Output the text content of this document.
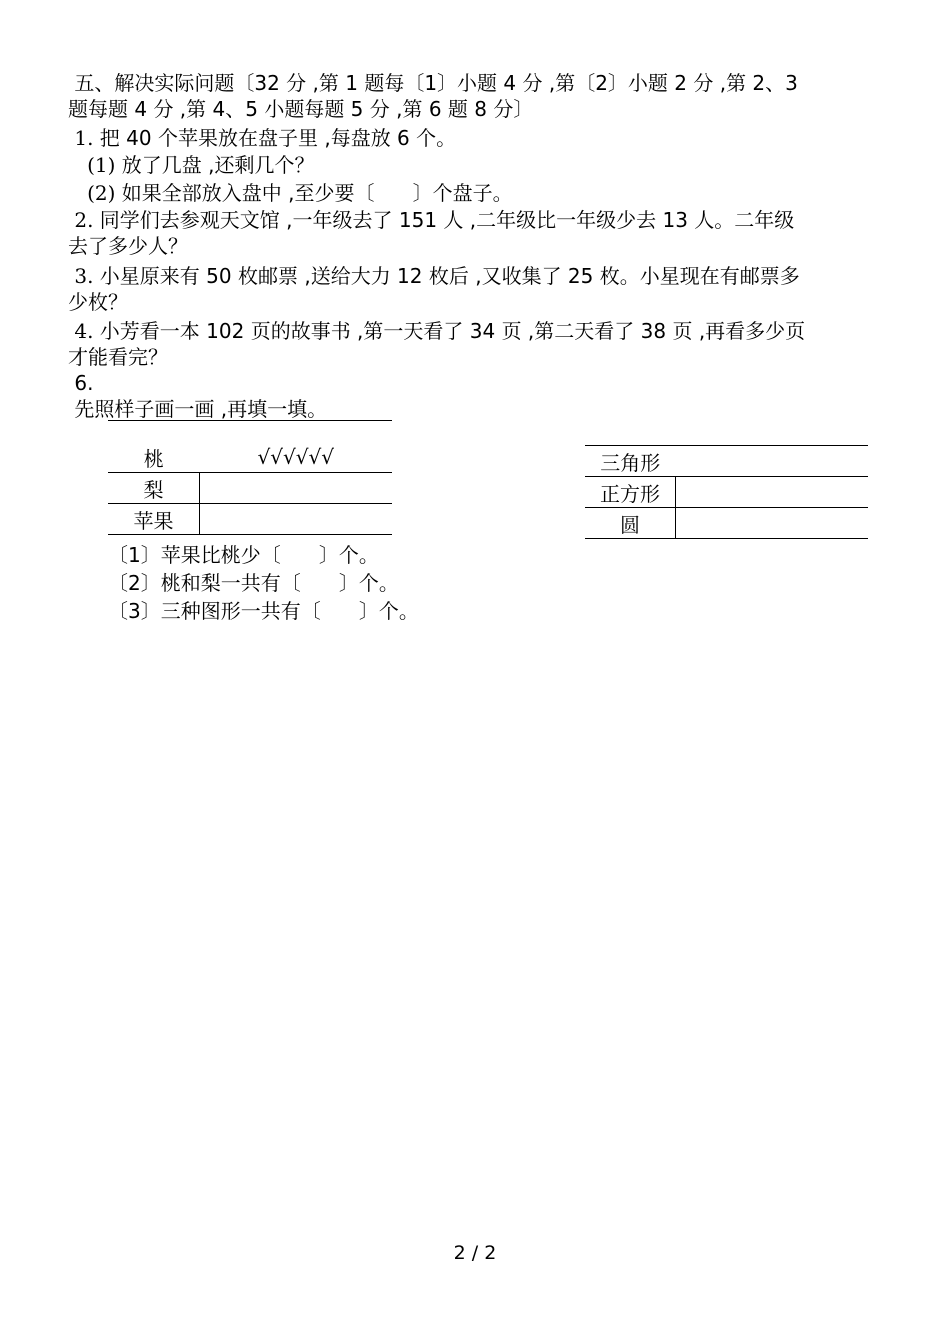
五、解决实际问题〔32 分 ,第 1 题每〔1〕小题 4 分 ,第〔2〕小题 2 分 ,第 2、3
题每题 4 分 ,第 4、5 小题每题 5 分 ,第 6 题 8 分〕
1. 把 40 个苹果放在盘子里 ,每盘放 6 个。
(1) 放了几盘 ,还剩几个？
(2) 如果全部放入盘中 ,至少要〔      〕个盘子。
2. 同学们去参观天文馆 ,一年级去了 151 人 ,二年级比一年级少去 13 人。二年级
去了多少人？
3. 小星原来有 50 枚邮票 ,送给大力 12 枚后 ,又收集了 25 枚。小星现在有邮票多
少枚？
4. 小芳看一本 102 页的故事书 ,第一天看了 34 页 ,第二天看了 38 页 ,再看多少页
才能看完？
6.
先照样子画一画 ,再填一填。
桃	√√√√√√
梨	
苹果	
三角形	
正方形	
圆	
〔1〕苹果比桃少〔      〕个。
〔2〕桃和梨一共有〔      〕个。
〔3〕三种图形一共有〔      〕个。
2 / 2
